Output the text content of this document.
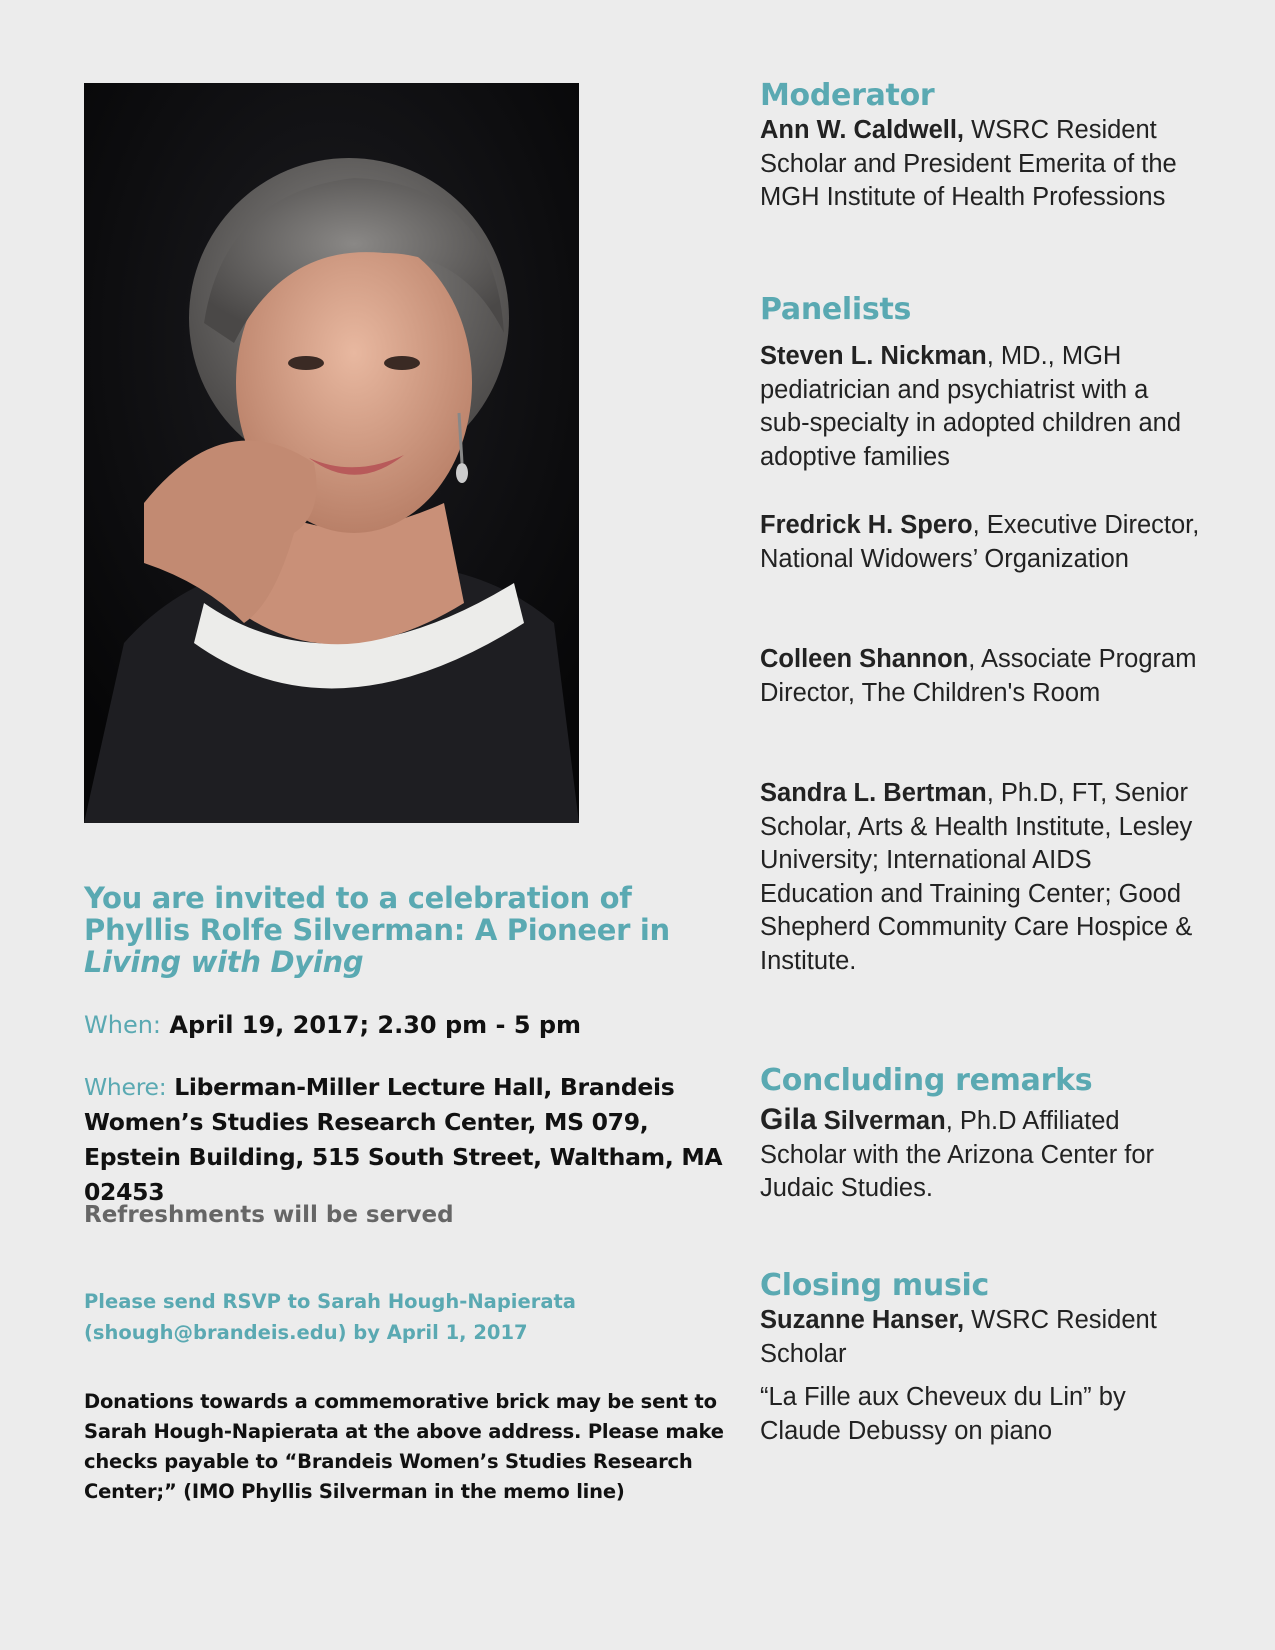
You are invited to a celebration of Phyllis Rolfe Silverman: A Pioneer in Living with Dying
When: April 19, 2017; 2.30 pm - 5 pm
Where: Liberman-Miller Lecture Hall, Brandeis Women’s Studies Research Center, MS 079, Epstein Building, 515 South Street, Waltham, MA 02453
Refreshments will be served
Please send RSVP to Sarah Hough-Napierata
(shough@brandeis.edu) by April 1, 2017
Donations towards a commemorative brick may be sent to Sarah Hough-Napierata at the above address. Please make checks payable to “Brandeis Women’s Studies Research Center;” (IMO Phyllis Silverman in the memo line)
Moderator

Ann W. Caldwell, WSRC Resident Scholar and President Emerita of the MGH Institute of Health Professions

Panelists

Steven L. Nickman, MD., MGH pediatrician and psychiatrist with a sub-specialty in adopted children and adoptive families

Fredrick H. Spero, Executive Director, National Widowers’ Organization

Colleen Shannon, Associate Program Director, The Children's Room

Sandra L. Bertman, Ph.D, FT, Senior Scholar, Arts & Health Institute, Lesley University; International AIDS Education and Training Center; Good Shepherd Community Care Hospice & Institute.

Concluding remarks

Gila Silverman, Ph.D Affiliated Scholar with the Arizona Center for Judaic Studies.

Closing music

Suzanne Hanser, WSRC Resident Scholar

“La Fille aux Cheveux du Lin” by Claude Debussy on piano
